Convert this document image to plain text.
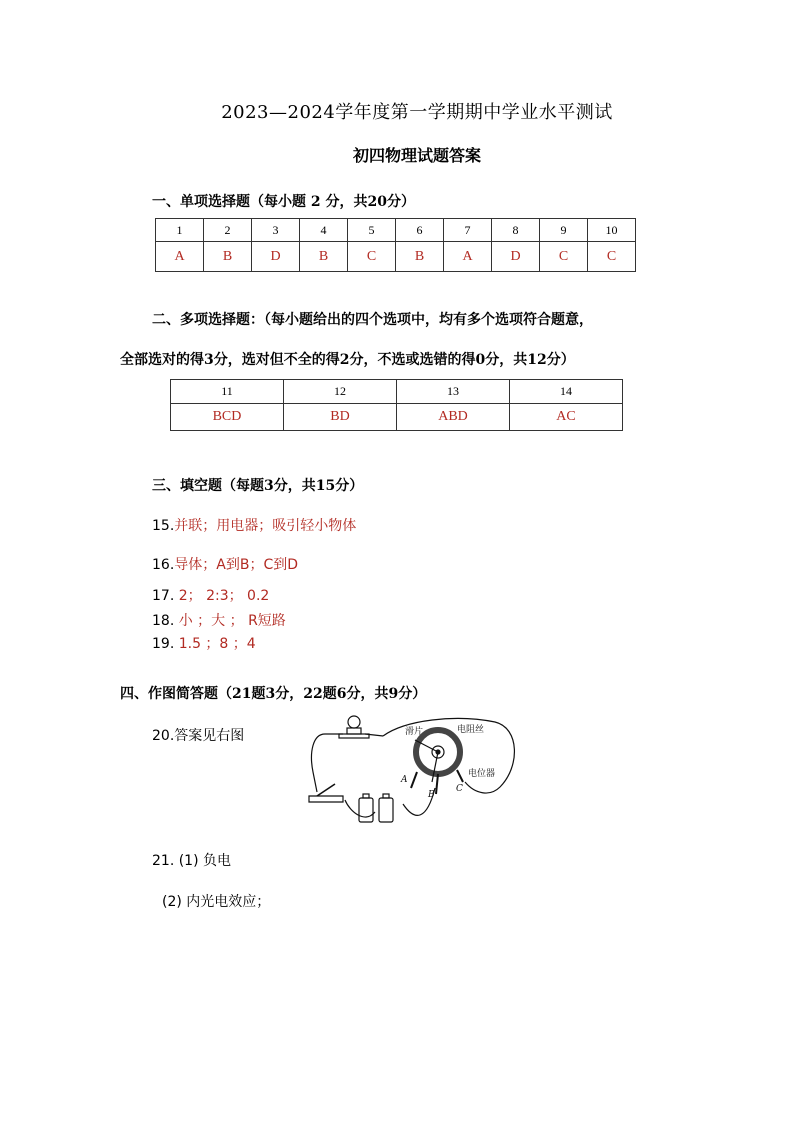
2023—2024学年度第一学期期中学业水平测试
初四物理试题答案
一、单项选择题（每小题 2 分，共20分）
1	2	3	4	5	6	7	8	9	10
A	B	D	B	C	B	A	D	C	C
二、多项选择题：（每小题给出的四个选项中，均有多个选项符合题意，
全部选对的得3分，选对但不全的得2分，不选或选错的得0分，共12分）
11	12	13	14
BCD	BD	ABD	AC
三、填空题（每题3分，共15分）
15.并联；用电器；吸引轻小物体
16.导体；A到B；C到D
17. 2； 2:3； 0.2
18. 小 ；大 ； R短路
19. 1.5 ；8 ；4
四、作图简答题（21题3分，22题6分，共9分）
20.答案见右图	滑片	电阻丝
电位器
A
B
C
21. (1) 负电
(2) 内光电效应；
